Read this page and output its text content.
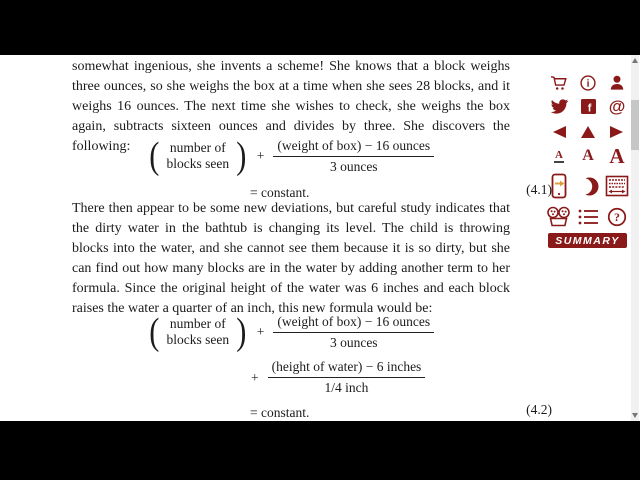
somewhat ingenious, she invents a scheme! She knows that a block weighs three ounces, so she weighs the box at a time when she sees 28 blocks, and it weighs 16 ounces. The next time she wishes to check, she weighs the box again, subtracts sixteen ounces and divides by three. She discovers the following: ( number of
blocks seen ) + $\frac{\text{(weight of box) − 16 ounces}}{\text{3 ounces}}$
= constant.	(4.1)

There then appear to be some new deviations, but careful study indicates that the dirty water in the bathtub is changing its level. The child is throwing blocks into the water, and she cannot see them because it is so dirty, but she can find out how many blocks are in the water by adding another term to her formula. Since the original height of the water was 6 inches and each block raises the water a quarter of an inch, this new formula would be:

( number of
blocks seen ) + $\frac{\text{(weight of box) − 16 ounces}}{\text{3 ounces}}$
+ $\frac{\text{(height of water) − 6 inches}}{\text{1/4 inch}}$
= constant.	(4.2)
i
f @
A A A
?
SUMMARY
